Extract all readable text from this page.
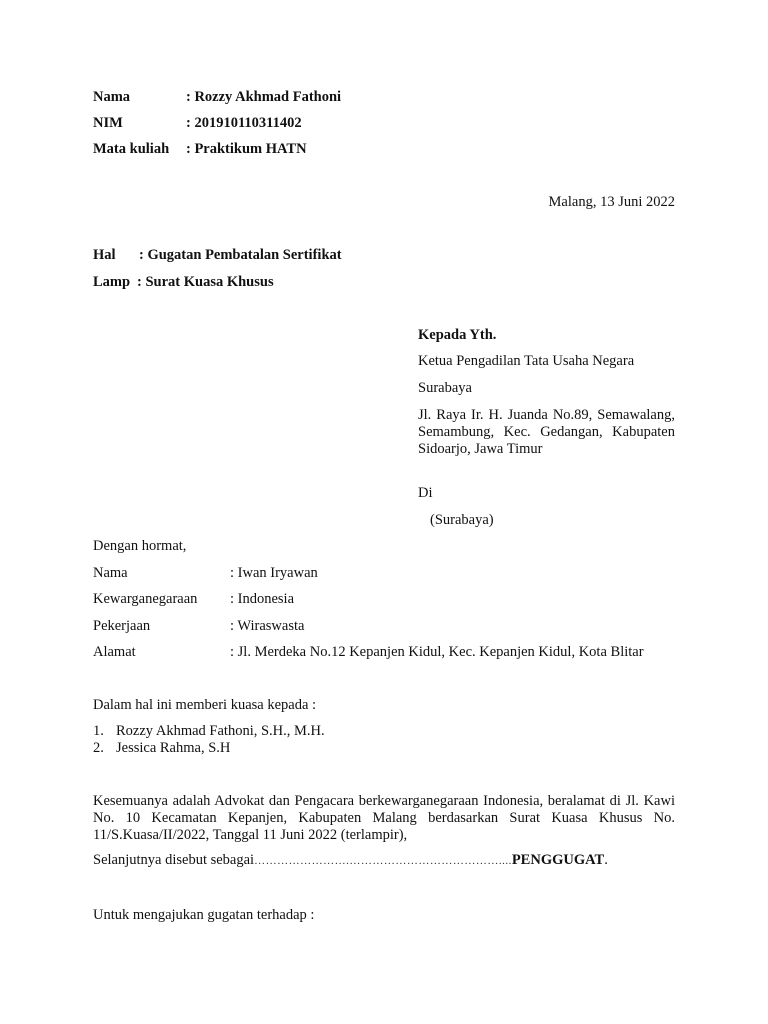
Nama	: Rozzy Akhmad Fathoni
NIM	: 201910110311402
Mata kuliah : Praktikum HATN
Malang, 13 Juni 2022
Hal : Gugatan Pembatalan Sertifikat
Lamp : Surat Kuasa Khusus
Kepada Yth.
Ketua Pengadilan Tata Usaha Negara
Surabaya
Jl. Raya Ir. H. Juanda No.89, Semawalang, Semambung, Kec. Gedangan, Kabupaten Sidoarjo, Jawa Timur
Di
(Surabaya)
Dengan hormat,
Nama	: Iwan Iryawan
Kewarganegaraan : Indonesia
Pekerjaan	: Wiraswasta
Alamat	: Jl. Merdeka No.12 Kepanjen Kidul, Kec. Kepanjen Kidul, Kota Blitar
Dalam hal ini memberi kuasa kepada :
1. Rozzy Akhmad Fathoni, S.H., M.H.
2. Jessica Rahma, S.H
Kesemuanya adalah Advokat dan Pengacara berkewarganegaraan Indonesia, beralamat di Jl. Kawi No. 10 Kecamatan Kepanjen, Kabupaten Malang berdasarkan Surat Kuasa Khusus No. 11/S.Kuasa/II/2022, Tanggal 11 Juni 2022 (terlampir),
Selanjutnya disebut sebagai…………………….…………………………………....PENGGUGAT.
Untuk mengajukan gugatan terhadap :
